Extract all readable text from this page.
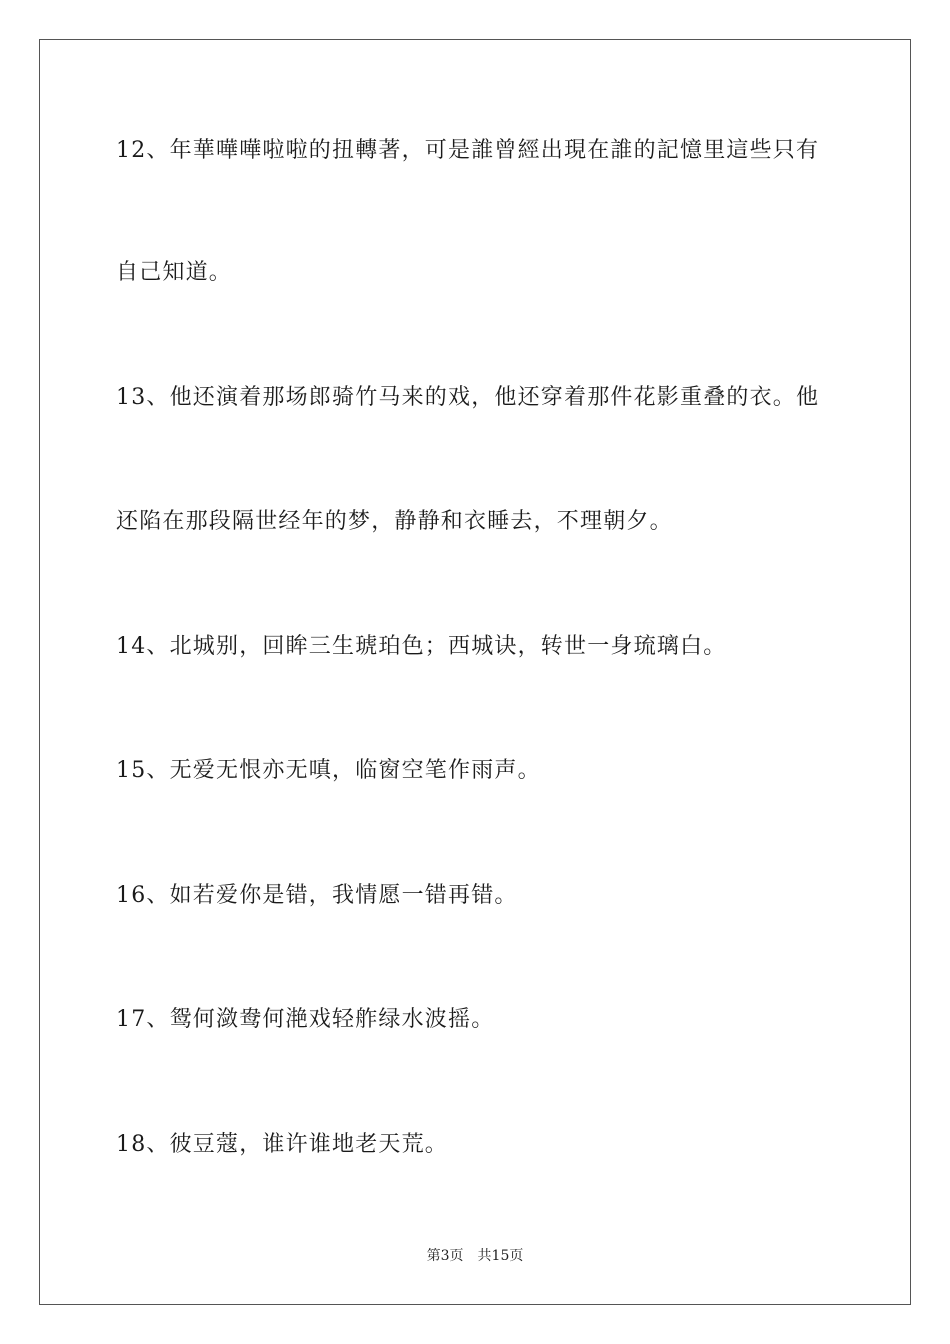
12、年華嘩嘩啦啦的扭轉著，可是誰曾經出現在誰的記憶里這些只有
自己知道。
13、他还演着那场郎骑竹马来的戏，他还穿着那件花影重叠的衣。他
还陷在那段隔世经年的梦，静静和衣睡去，不理朝夕。
14、北城别，回眸三生琥珀色；西城诀，转世一身琉璃白。
15、无爱无恨亦无嗔，临窗空笔作雨声。
16、如若爱你是错，我情愿一错再错。
17、鸳何潋鸯何滟戏轻舴绿水波摇。
18、彼豆蔻，谁许谁地老天荒。
第3页 共15页
